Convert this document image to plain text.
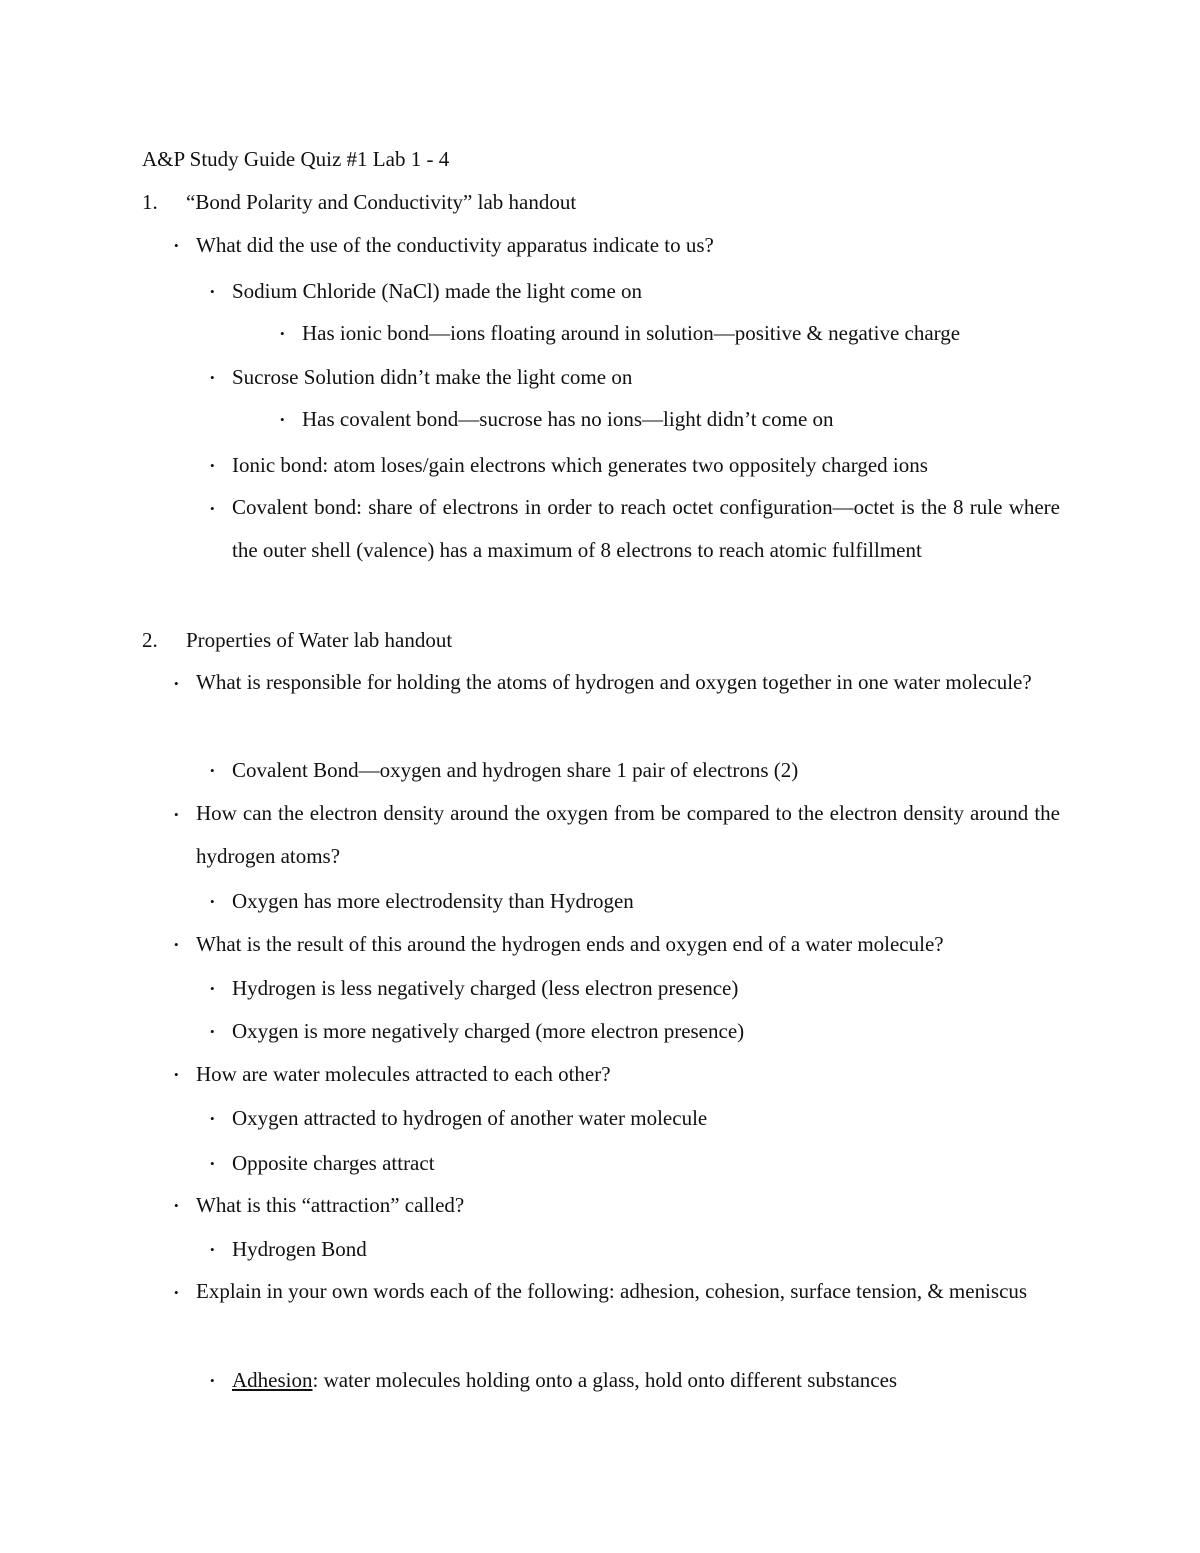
A&P Study Guide Quiz #1 Lab 1 - 4
1. “Bond Polarity and Conductivity” lab handout
• What did the use of the conductivity apparatus indicate to us?
• Sodium Chloride (NaCl) made the light come on
• Has ionic bond—ions floating around in solution—positive & negative charge
• Sucrose Solution didn’t make the light come on
• Has covalent bond—sucrose has no ions—light didn’t come on
• Ionic bond: atom loses/gain electrons which generates two oppositely charged ions
• Covalent bond: share of electrons in order to reach octet configuration—octet is the 8 rule where the outer shell (valence) has a maximum of 8 electrons to reach atomic fulfillment
2. Properties of Water lab handout
• What is responsible for holding the atoms of hydrogen and oxygen together in one water molecule?
• Covalent Bond—oxygen and hydrogen share 1 pair of electrons (2)
• How can the electron density around the oxygen from be compared to the electron density around the hydrogen atoms?
• Oxygen has more electrodensity than Hydrogen
• What is the result of this around the hydrogen ends and oxygen end of a water molecule?
• Hydrogen is less negatively charged (less electron presence)
• Oxygen is more negatively charged (more electron presence)
• How are water molecules attracted to each other?
• Oxygen attracted to hydrogen of another water molecule
• Opposite charges attract
• What is this “attraction” called?
• Hydrogen Bond
• Explain in your own words each of the following: adhesion, cohesion, surface tension, & meniscus
• Adhesion: water molecules holding onto a glass, hold onto different substances
